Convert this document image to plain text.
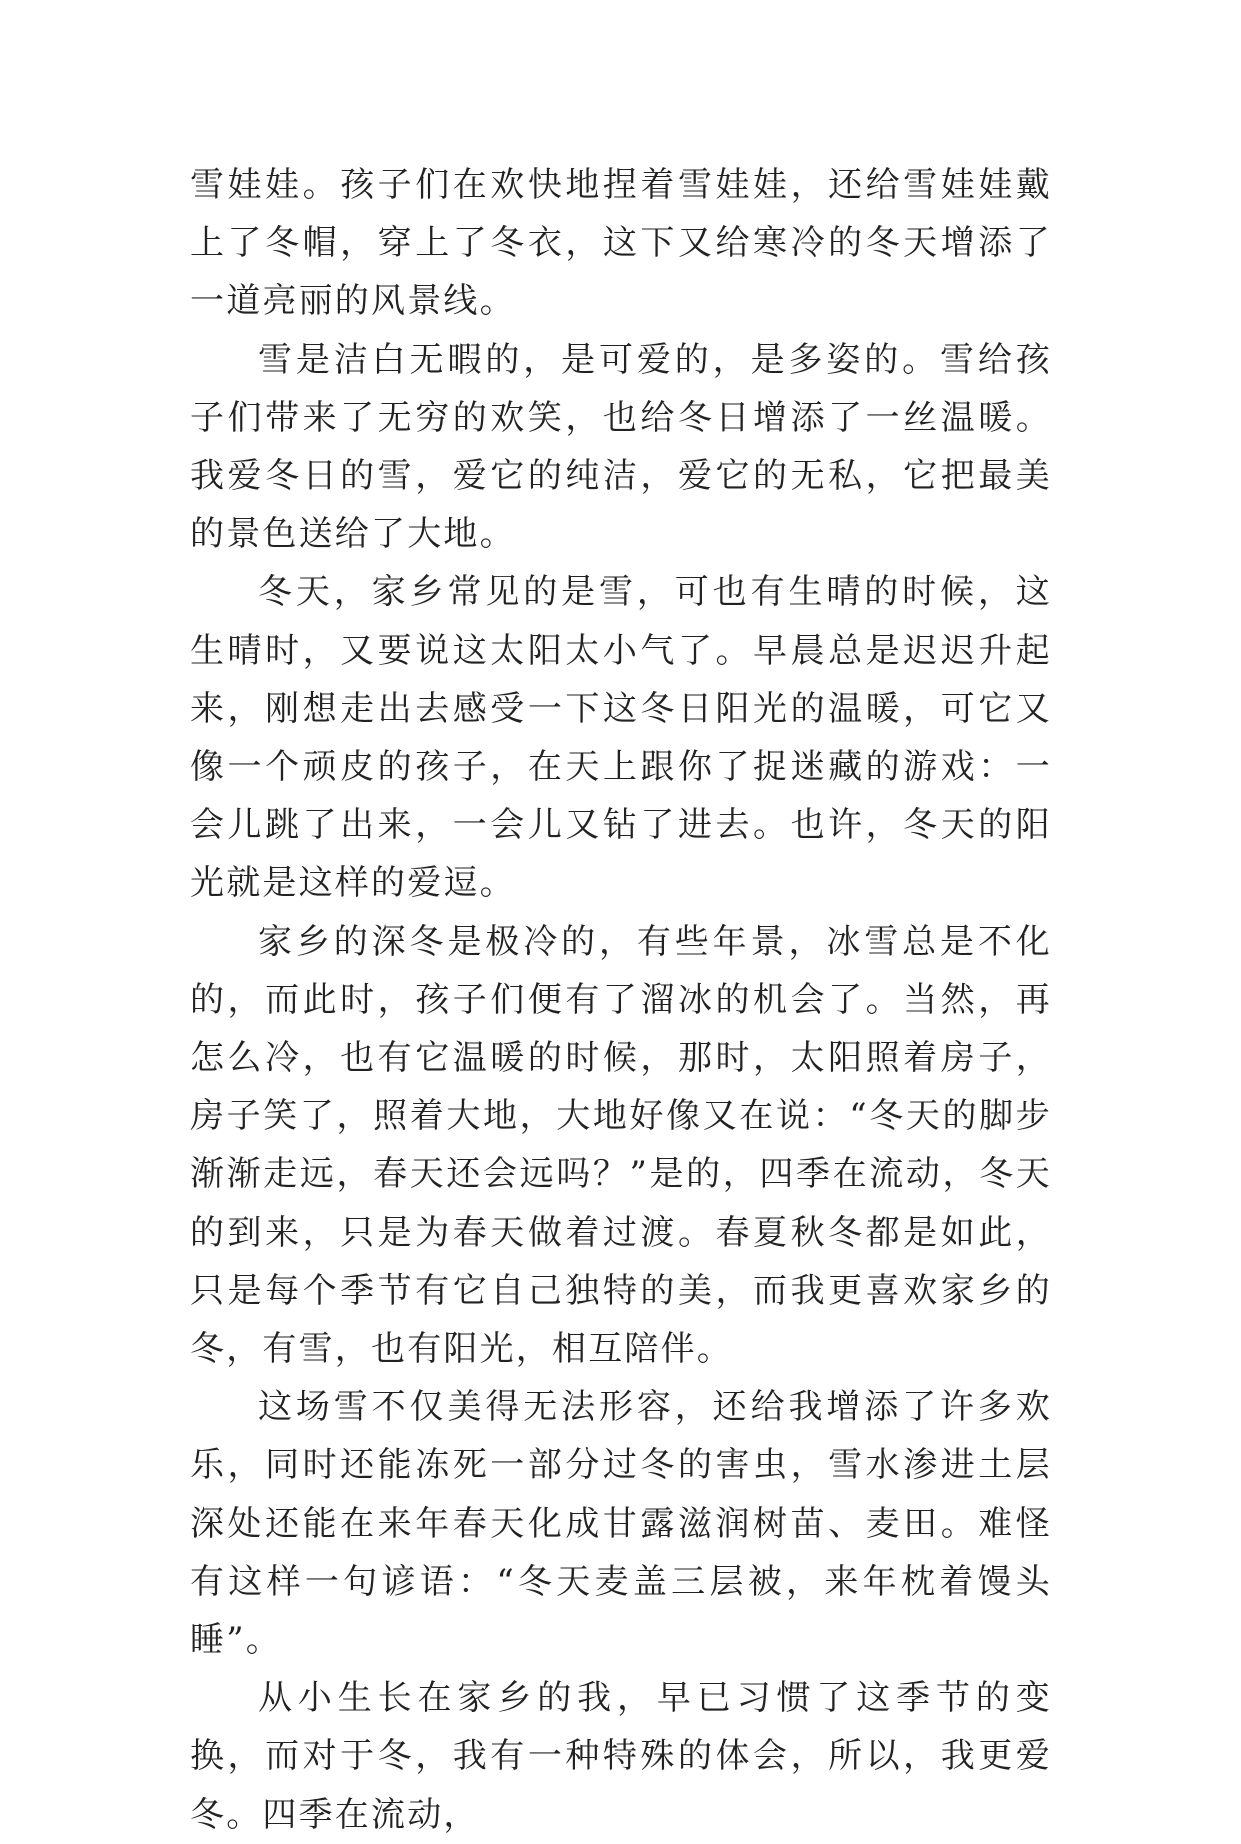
雪娃娃。孩子们在欢快地捏着雪娃娃，还给雪娃娃戴上了冬帽，穿上了冬衣，这下又给寒冷的冬天增添了一道亮丽的风景线。

雪是洁白无暇的，是可爱的，是多姿的。雪给孩子们带来了无穷的欢笑，也给冬日增添了一丝温暖。我爱冬日的雪，爱它的纯洁，爱它的无私，它把最美的景色送给了大地。

冬天，家乡常见的是雪，可也有生晴的时候，这生晴时，又要说这太阳太小气了。早晨总是迟迟升起来，刚想走出去感受一下这冬日阳光的温暖，可它又像一个顽皮的孩子，在天上跟你了捉迷藏的游戏：一会儿跳了出来，一会儿又钻了进去。也许，冬天的阳光就是这样的爱逗。

家乡的深冬是极冷的，有些年景，冰雪总是不化的，而此时，孩子们便有了溜冰的机会了。当然，再怎么冷，也有它温暖的时候，那时，太阳照着房子，房子笑了，照着大地，大地好像又在说：“冬天的脚步渐渐走远，春天还会远吗？”是的，四季在流动，冬天的到来，只是为春天做着过渡。春夏秋冬都是如此，只是每个季节有它自己独特的美，而我更喜欢家乡的冬，有雪，也有阳光，相互陪伴。

这场雪不仅美得无法形容，还给我增添了许多欢乐，同时还能冻死一部分过冬的害虫，雪水渗进土层深处还能在来年春天化成甘露滋润树苗、麦田。难怪有这样一句谚语：“冬天麦盖三层被，来年枕着馒头睡”。

从小生长在家乡的我，早已习惯了这季节的变换，而对于冬，我有一种特殊的体会，所以，我更爱冬。四季在流动，
